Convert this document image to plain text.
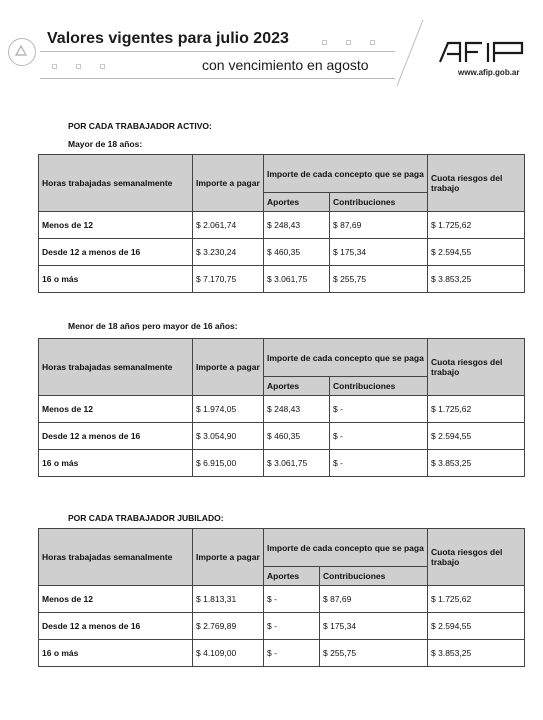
Valores vigentes para julio 2023
con vencimiento en agosto	www.afip.gob.ar
POR CADA TRABAJADOR ACTIVO:
Mayor de 18 años:
Horas trabajadas semanalmente	Importe a pagar	Importe de cada concepto que se paga		Cuota riesgos del trabajo

		Aportes	Contribuciones	
Menos de 12	$ 2.061,74	$ 248,43	$ 87,69	$ 1.725,62
Desde 12 a menos de 16	$ 3.230,24	$ 460,35	$ 175,34	$ 2.594,55
16 o más	$ 7.170,75	$ 3.061,75	$ 255,75	$ 3.853,25
Menor de 18 años pero mayor de 16 años:
Horas trabajadas semanalmente	Importe a pagar	Importe de cada concepto que se paga		Cuota riesgos del trabajo

		Aportes	Contribuciones	
Menos de 12	$ 1.974,05	$ 248,43	$ -	$ 1.725,62
Desde 12 a menos de 16	$ 3.054,90	$ 460,35	$ -	$ 2.594,55
16 o más	$ 6.915,00	$ 3.061,75	$ -	$ 3.853,25
POR CADA TRABAJADOR JUBILADO:
Horas trabajadas semanalmente	Importe a pagar	Importe de cada concepto que se paga		Cuota riesgos del trabajo

		Aportes	Contribuciones	
Menos de 12	$ 1.813,31	$ -	$ 87,69	$ 1.725,62
Desde 12 a menos de 16	$ 2.769,89	$ -	$ 175,34	$ 2.594,55
16 o más	$ 4.109,00	$ -	$ 255,75	$ 3.853,25
